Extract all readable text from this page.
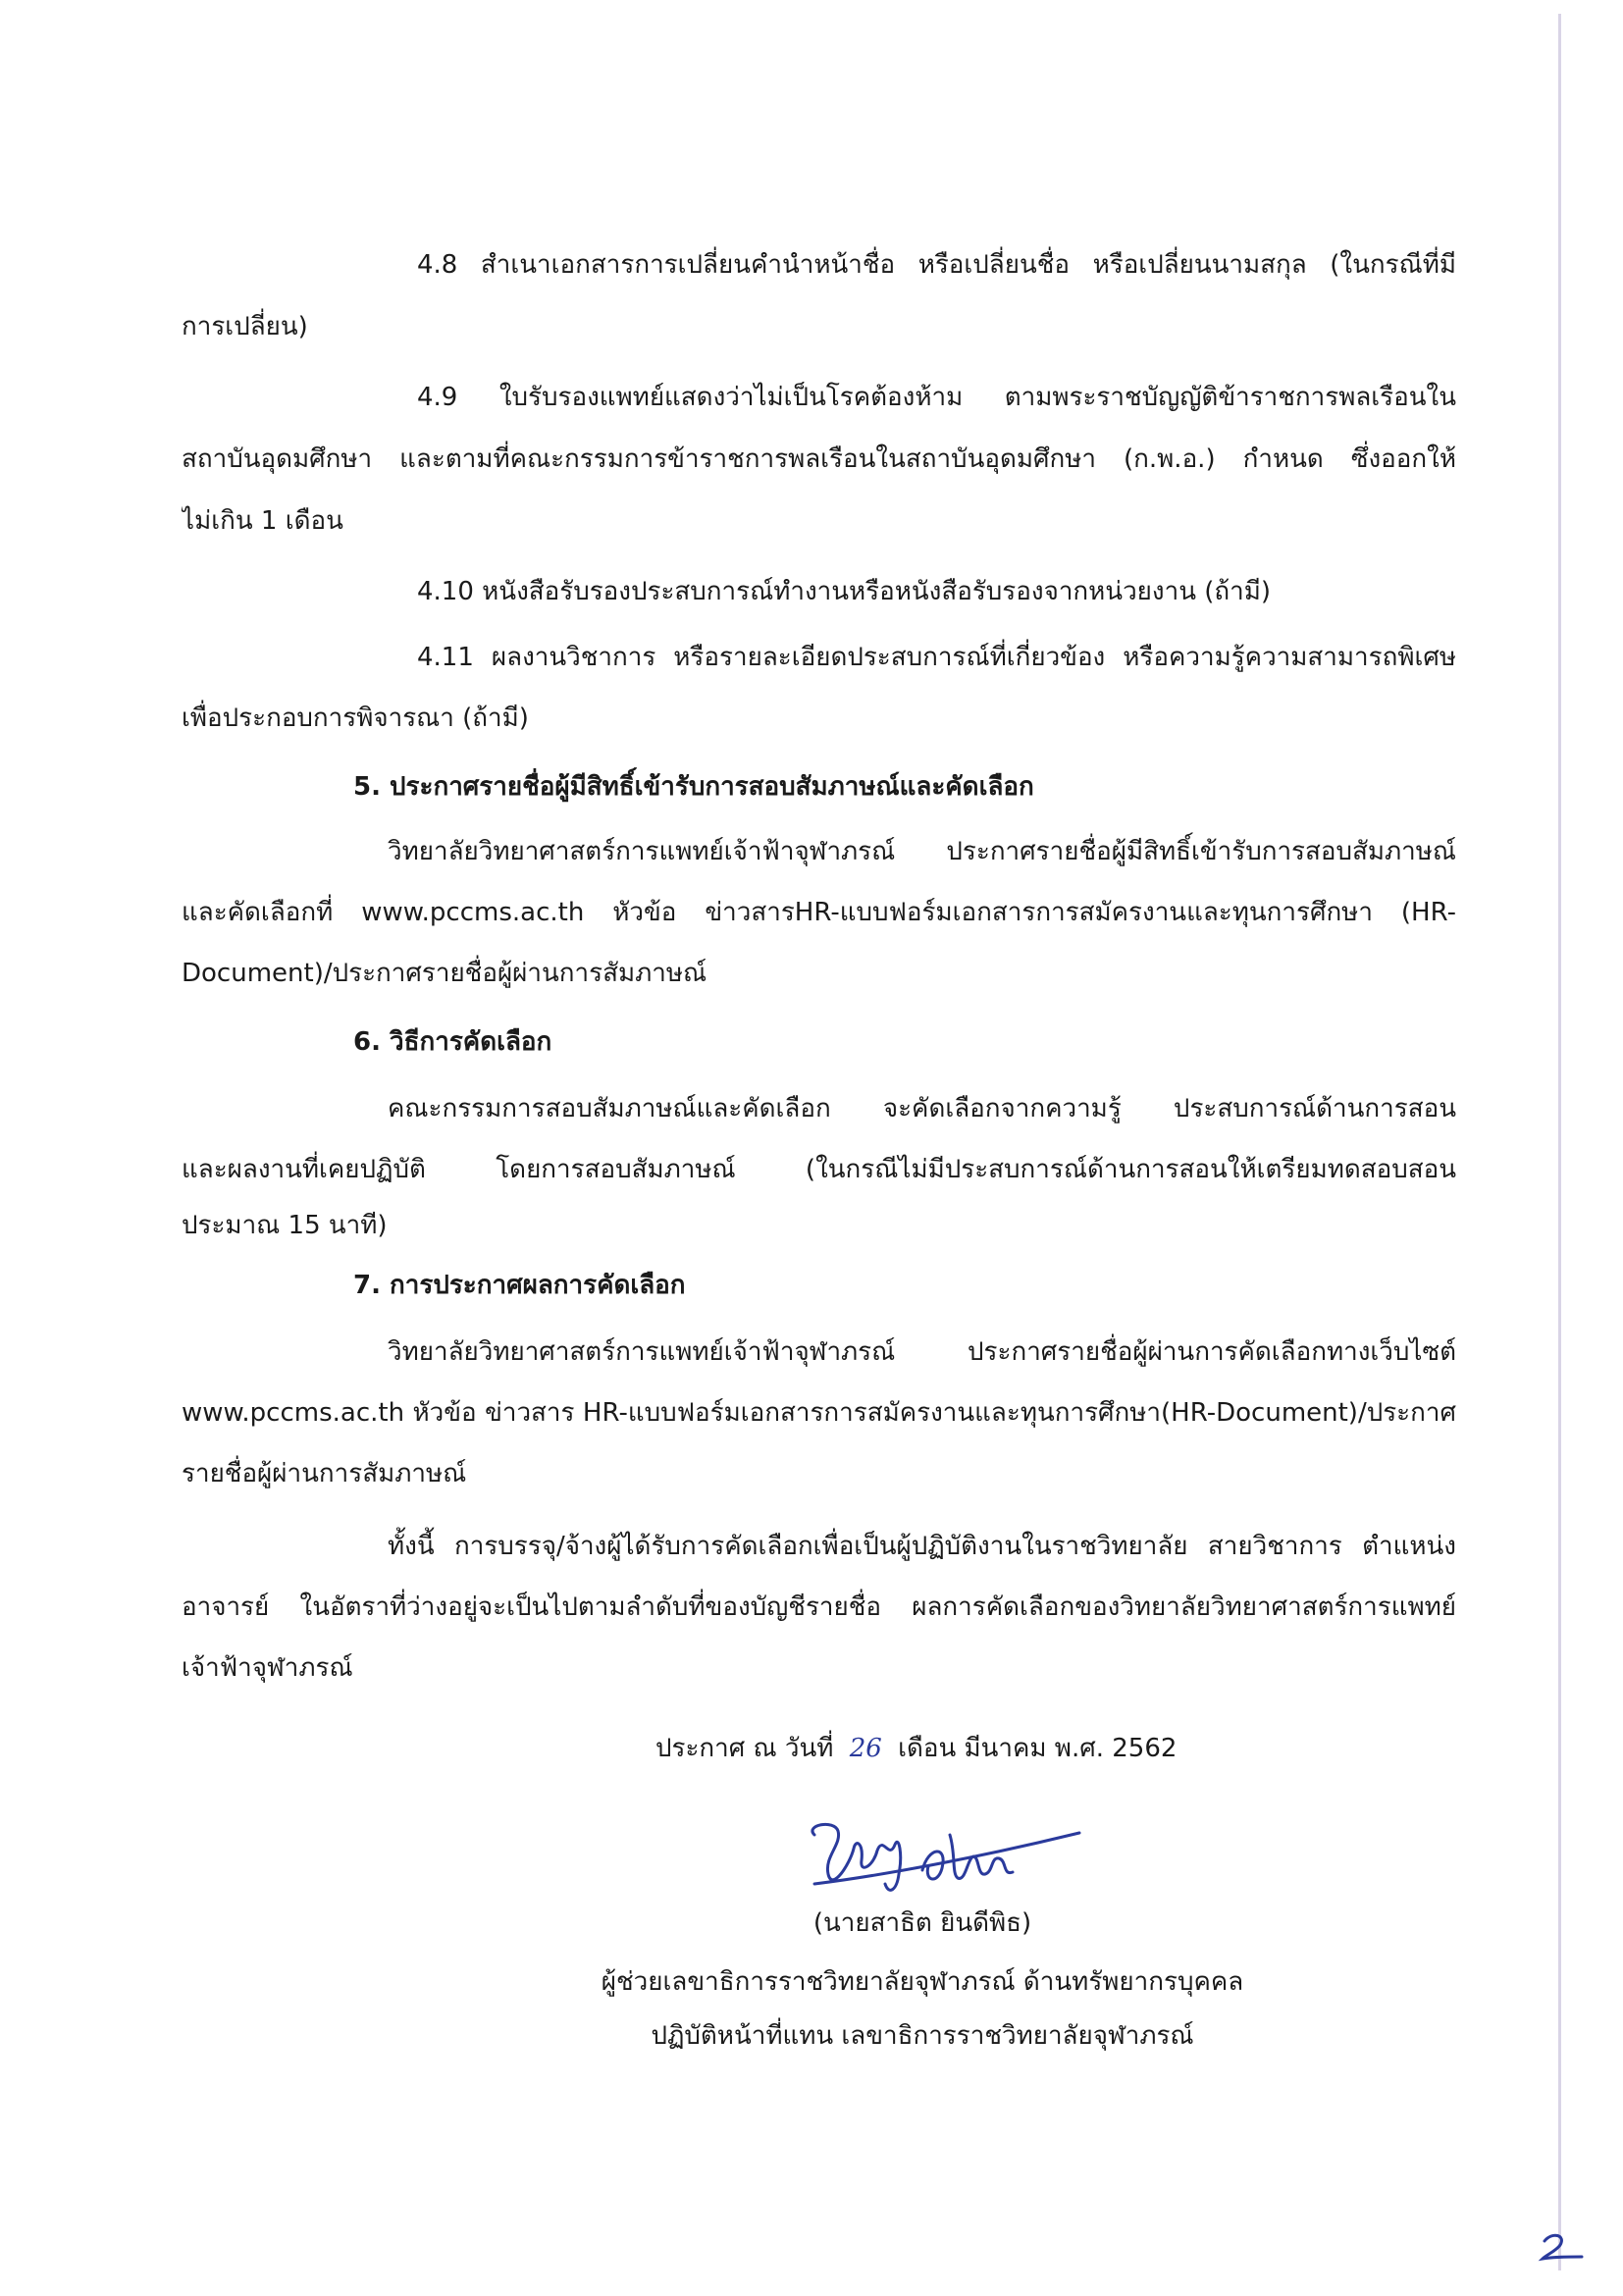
4.8 สำเนาเอกสารการเปลี่ยนคำนำหน้าชื่อ หรือเปลี่ยนชื่อ หรือเปลี่ยนนามสกุล (ในกรณีที่มี
การเปลี่ยน)
4.9 ใบรับรองแพทย์แสดงว่าไม่เป็นโรคต้องห้าม ตามพระราชบัญญัติข้าราชการพลเรือนใน
สถาบันอุดมศึกษา และตามที่คณะกรรมการข้าราชการพลเรือนในสถาบันอุดมศึกษา (ก.พ.อ.) กำหนด ซึ่งออกให้
ไม่เกิน 1 เดือน
4.10 หนังสือรับรองประสบการณ์ทำงานหรือหนังสือรับรองจากหน่วยงาน (ถ้ามี)
4.11 ผลงานวิชาการ หรือรายละเอียดประสบการณ์ที่เกี่ยวข้อง หรือความรู้ความสามารถพิเศษ
เพื่อประกอบการพิจารณา (ถ้ามี)
5. ประกาศรายชื่อผู้มีสิทธิ์เข้ารับการสอบสัมภาษณ์และคัดเลือก
วิทยาลัยวิทยาศาสตร์การแพทย์เจ้าฟ้าจุฬาภรณ์ ประกาศรายชื่อผู้มีสิทธิ์เข้ารับการสอบสัมภาษณ์
และคัดเลือกที่ www.pccms.ac.th หัวข้อ ข่าวสารHR-แบบฟอร์มเอกสารการสมัครงานและทุนการศึกษา (HR-
Document)/ประกาศรายชื่อผู้ผ่านการสัมภาษณ์
6. วิธีการคัดเลือก
คณะกรรมการสอบสัมภาษณ์และคัดเลือก จะคัดเลือกจากความรู้ ประสบการณ์ด้านการสอน
และผลงานที่เคยปฏิบัติ โดยการสอบสัมภาษณ์ (ในกรณีไม่มีประสบการณ์ด้านการสอนให้เตรียมทดสอบสอน
ประมาณ 15 นาที)
7. การประกาศผลการคัดเลือก
วิทยาลัยวิทยาศาสตร์การแพทย์เจ้าฟ้าจุฬาภรณ์ ประกาศรายชื่อผู้ผ่านการคัดเลือกทางเว็บไซต์
www.pccms.ac.th หัวข้อ ข่าวสาร HR-แบบฟอร์มเอกสารการสมัครงานและทุนการศึกษา(HR-Document)/ประกาศ
รายชื่อผู้ผ่านการสัมภาษณ์
ทั้งนี้ การบรรจุ/จ้างผู้ได้รับการคัดเลือกเพื่อเป็นผู้ปฏิบัติงานในราชวิทยาลัย สายวิชาการ ตำแหน่ง
อาจารย์ ในอัตราที่ว่างอยู่จะเป็นไปตามลำดับที่ของบัญชีรายชื่อ ผลการคัดเลือกของวิทยาลัยวิทยาศาสตร์การแพทย์
เจ้าฟ้าจุฬาภรณ์
ประกาศ ณ วันที่ 26 เดือน มีนาคม พ.ศ. 2562
(นายสาธิต ยินดีพิธ)
ผู้ช่วยเลขาธิการราชวิทยาลัยจุฬาภรณ์ ด้านทรัพยากรบุคคล
ปฏิบัติหน้าที่แทน เลขาธิการราชวิทยาลัยจุฬาภรณ์
